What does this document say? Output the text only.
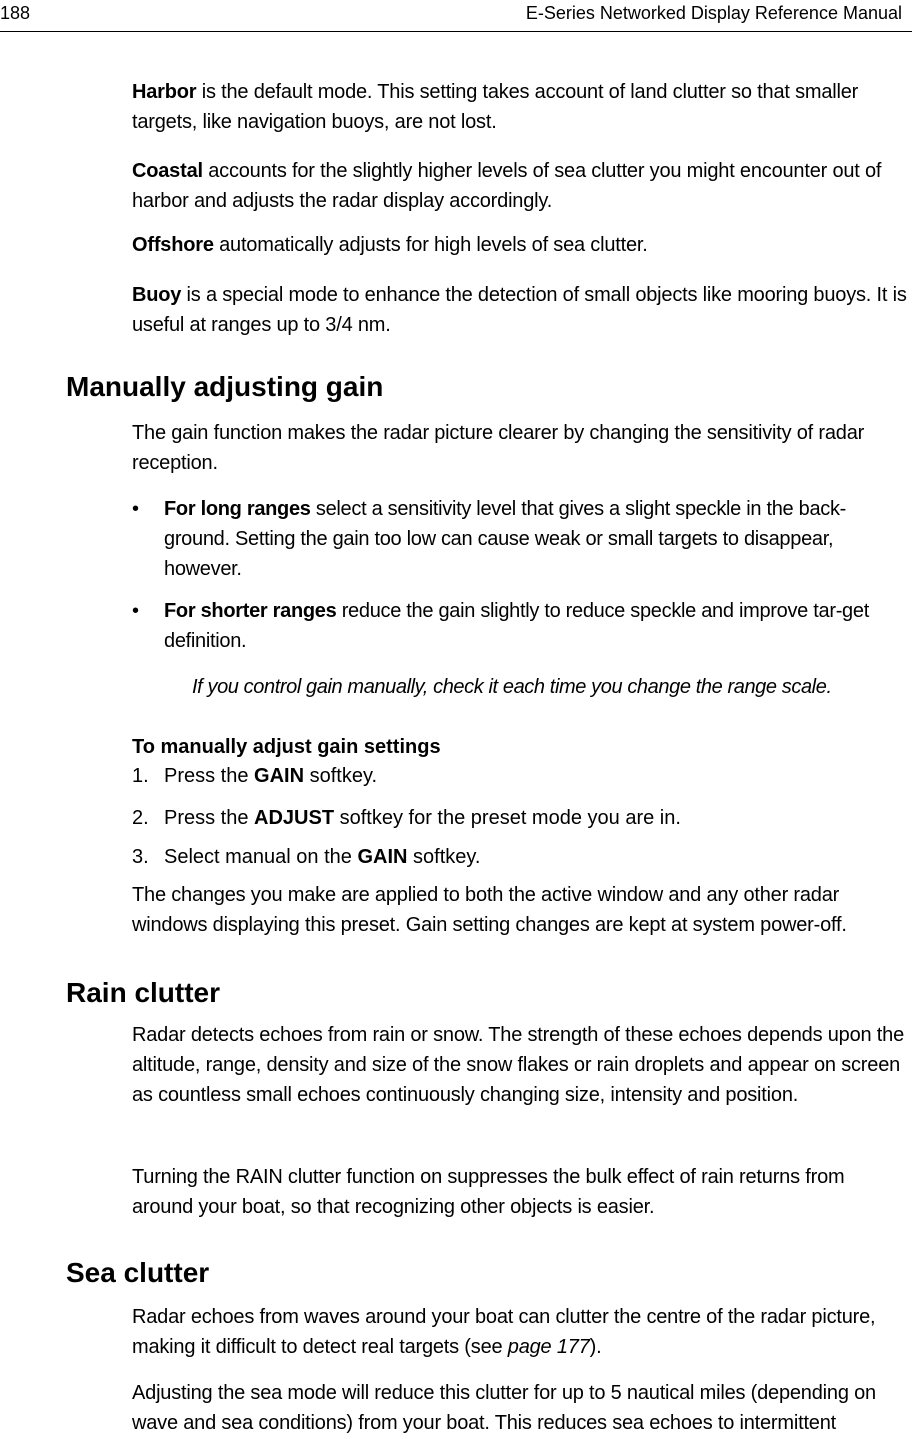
188	E-Series Networked Display Reference Manual
Harbor is the default mode. This setting takes account of land clutter so that smaller targets, like navigation buoys, are not lost.
Coastal accounts for the slightly higher levels of sea clutter you might encounter out of harbor and adjusts the radar display accordingly.
Offshore automatically adjusts for high levels of sea clutter.
Buoy is a special mode to enhance the detection of small objects like mooring buoys. It is useful at ranges up to 3/4 nm.
Manually adjusting gain
The gain function makes the radar picture clearer by changing the sensitivity of radar reception.
• For long ranges select a sensitivity level that gives a slight speckle in the back-ground. Setting the gain too low can cause weak or small targets to disappear, however.
• For shorter ranges reduce the gain slightly to reduce speckle and improve tar-get definition.
If you control gain manually, check it each time you change the range scale.
To manually adjust gain settings
1. Press the GAIN softkey.
2. Press the ADJUST softkey for the preset mode you are in.
3. Select manual on the GAIN softkey.
The changes you make are applied to both the active window and any other radar windows displaying this preset. Gain setting changes are kept at system power-off.
Rain clutter
Radar detects echoes from rain or snow. The strength of these echoes depends upon the altitude, range, density and size of the snow flakes or rain droplets and appear on screen as countless small echoes continuously changing size, intensity and position.
Turning the RAIN clutter function on suppresses the bulk effect of rain returns from around your boat, so that recognizing other objects is easier.
Sea clutter
Radar echoes from waves around your boat can clutter the centre of the radar picture, making it difficult to detect real targets (see page 177).
Adjusting the sea mode will reduce this clutter for up to 5 nautical miles (depending on wave and sea conditions) from your boat. This reduces sea echoes to intermittent
